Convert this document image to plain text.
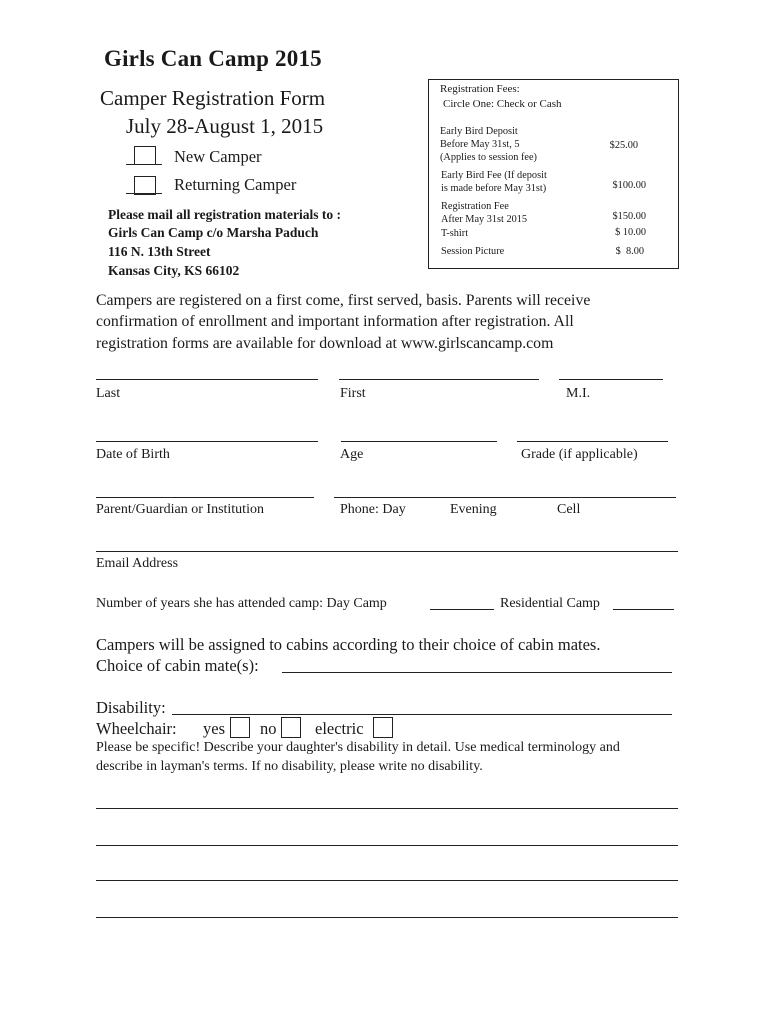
Girls Can Camp 2015
Camper Registration Form
July 28-August 1, 2015
New Camper
Returning Camper
Please mail all registration materials to :
Girls Can Camp c/o Marsha Paduch
116 N. 13th Street
Kansas City, KS 66102
Registration Fees:
Circle One: Check or Cash
Early Bird Deposit
Before May 31st, 5
(Applies to session fee)
$25.00
Early Bird Fee (If deposit
is made before May 31st)	$100.00
Registration Fee
After May 31st 2015	$150.00
T-shirt	$ 10.00
Session Picture	$  8.00
Campers are registered on a first come, first served, basis. Parents will receive
confirmation of enrollment and important information after registration. All
registration forms are available for download at www.girlscancamp.com
Last	First	M.I.
Date of Birth	Age	Grade (if applicable)
Parent/Guardian or Institution	Phone: Day	Evening	Cell
Email Address
Number of years she has attended camp: Day Camp	Residential Camp
Campers will be assigned to cabins according to their choice of cabin mates.
Choice of cabin mate(s):
Disability:
Wheelchair: yes no electric
Please be specific! Describe your daughter's disability in detail. Use medical terminology and
describe in layman's terms. If no disability, please write no disability.
